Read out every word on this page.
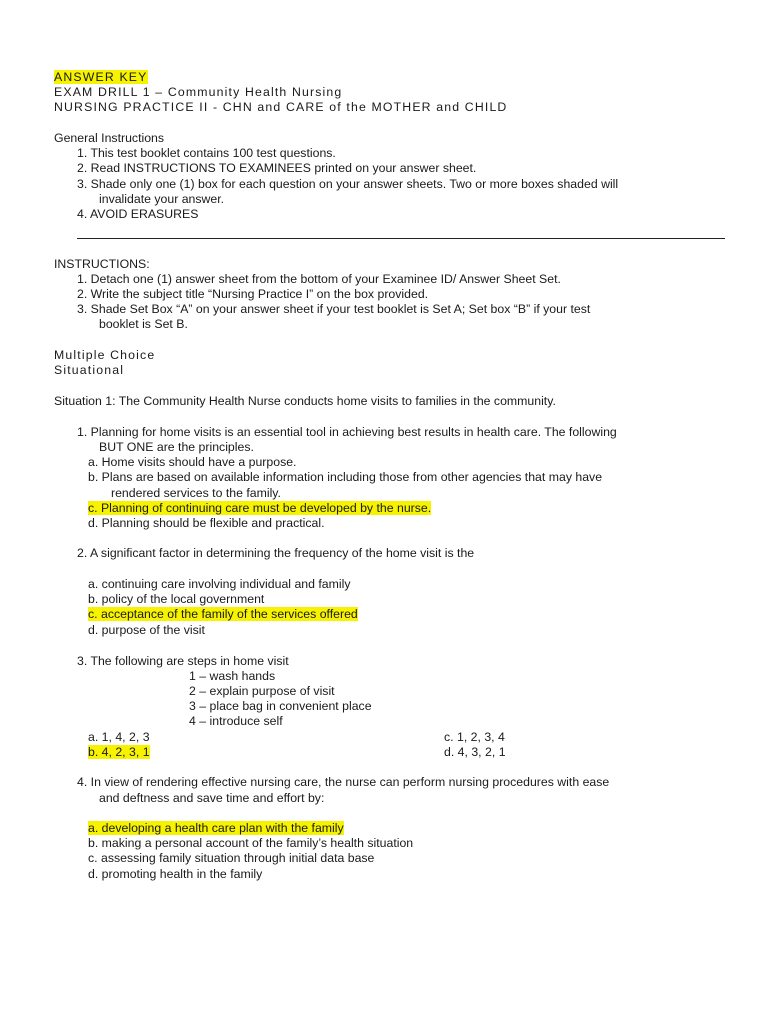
ANSWER KEY
EXAM DRILL 1 – Community Health Nursing
NURSING PRACTICE II - CHN and CARE of the MOTHER and CHILD
General Instructions
1. This test booklet contains 100 test questions.
2. Read INSTRUCTIONS TO EXAMINEES printed on your answer sheet.
3. Shade only one (1) box for each question on your answer sheets. Two or more boxes shaded will
invalidate your answer.
4. AVOID ERASURES
INSTRUCTIONS:
1. Detach one (1) answer sheet from the bottom of your Examinee ID/ Answer Sheet Set.
2. Write the subject title “Nursing Practice I” on the box provided.
3. Shade Set Box “A” on your answer sheet if your test booklet is Set A; Set box “B” if your test
booklet is Set B.
Multiple Choice
Situational
Situation 1: The Community Health Nurse conducts home visits to families in the community.
1. Planning for home visits is an essential tool in achieving best results in health care. The following
BUT ONE are the principles.
a. Home visits should have a purpose.
b. Plans are based on available information including those from other agencies that may have
rendered services to the family.
c. Planning of continuing care must be developed by the nurse.
d. Planning should be flexible and practical.
2. A significant factor in determining the frequency of the home visit is the
a. continuing care involving individual and family
b. policy of the local government
c. acceptance of the family of the services offered
d. purpose of the visit
3. The following are steps in home visit
1 – wash hands
2 – explain purpose of visit
3 – place bag in convenient place
4 – introduce self
a. 1, 4, 2, 3	c. 1, 2, 3, 4
b. 4, 2, 3, 1	d. 4, 3, 2, 1
4. In view of rendering effective nursing care, the nurse can perform nursing procedures with ease
and deftness and save time and effort by:
a. developing a health care plan with the family
b. making a personal account of the family’s health situation
c. assessing family situation through initial data base
d. promoting health in the family
